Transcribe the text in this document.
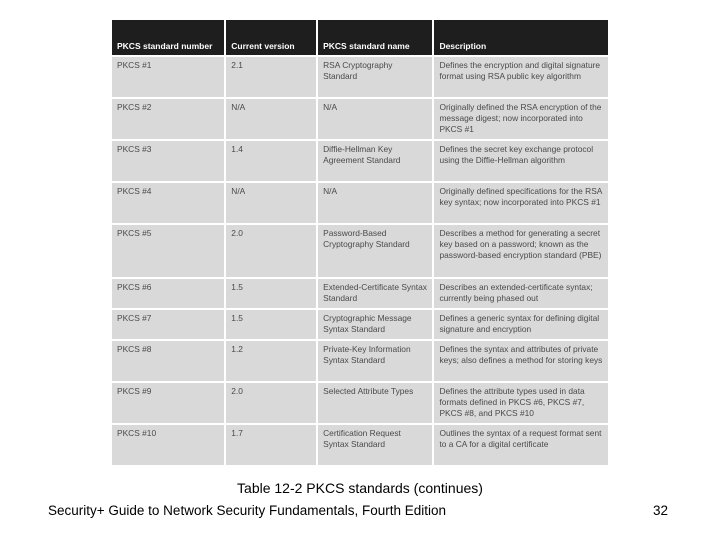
PKCS standard number	Current version	PKCS standard name	Description
PKCS #1	2.1	RSA Cryptography Standard	Defines the encryption and digital signature format using RSA public key algorithm
PKCS #2	N/A	N/A	Originally defined the RSA encryption of the message digest; now incorporated into PKCS #1
PKCS #3	1.4	Diffie-Hellman Key Agreement Standard	Defines the secret key exchange protocol using the Diffie-Hellman algorithm
PKCS #4	N/A	N/A	Originally defined specifications for the RSA key syntax; now incorporated into PKCS #1
PKCS #5	2.0	Password-Based Cryptography Standard	Describes a method for generating a secret key based on a password; known as the password-based encryption standard (PBE)
PKCS #6	1.5	Extended-Certificate Syntax Standard	Describes an extended-certificate syntax; currently being phased out
PKCS #7	1.5	Cryptographic Message Syntax Standard	Defines a generic syntax for defining digital signature and encryption
PKCS #8	1.2	Private-Key Information Syntax Standard	Defines the syntax and attributes of private keys; also defines a method for storing keys
PKCS #9	2.0	Selected Attribute Types	Defines the attribute types used in data formats defined in PKCS #6, PKCS #7, PKCS #8, and PKCS #10
PKCS #10	1.7	Certification Request Syntax Standard	Outlines the syntax of a request format sent to a CA for a digital certificate
Table 12-2 PKCS standards (continues)
Security+ Guide to Network Security Fundamentals, Fourth Edition	32
